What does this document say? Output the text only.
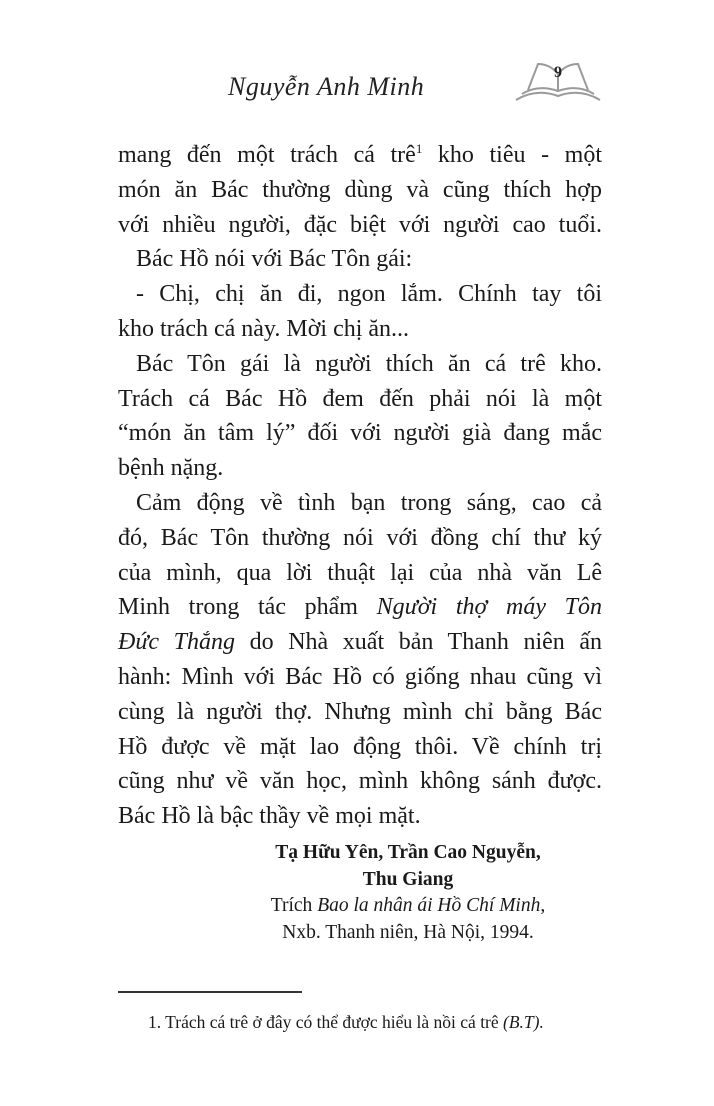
Nguyễn Anh Minh	9
mang đến một trách cá trê$^1$ kho tiêu - một
món ăn Bác thường dùng và cũng thích hợp
với nhiều người, đặc biệt với người cao tuổi.
Bác Hồ nói với Bác Tôn gái:
- Chị, chị ăn đi, ngon lắm. Chính tay tôi
kho trách cá này. Mời chị ăn...
Bác Tôn gái là người thích ăn cá trê kho.
Trách cá Bác Hồ đem đến phải nói là một
“món ăn tâm lý” đối với người già đang mắc
bệnh nặng.
Cảm động về tình bạn trong sáng, cao cả
đó, Bác Tôn thường nói với đồng chí thư ký
của mình, qua lời thuật lại của nhà văn Lê
Minh trong tác phẩm Người thợ máy Tôn
Đức Thắng do Nhà xuất bản Thanh niên ấn
hành: Mình với Bác Hồ có giống nhau cũng vì
cùng là người thợ. Nhưng mình chỉ bằng Bác
Hồ được về mặt lao động thôi. Về chính trị
cũng như về văn học, mình không sánh được.
Bác Hồ là bậc thầy về mọi mặt.
Tạ Hữu Yên, Trần Cao Nguyễn,
Thu Giang
Trích Bao la nhân ái Hồ Chí Minh,
Nxb. Thanh niên, Hà Nội, 1994.
1. Trách cá trê ở đây có thể được hiểu là nồi cá trê (B.T).
